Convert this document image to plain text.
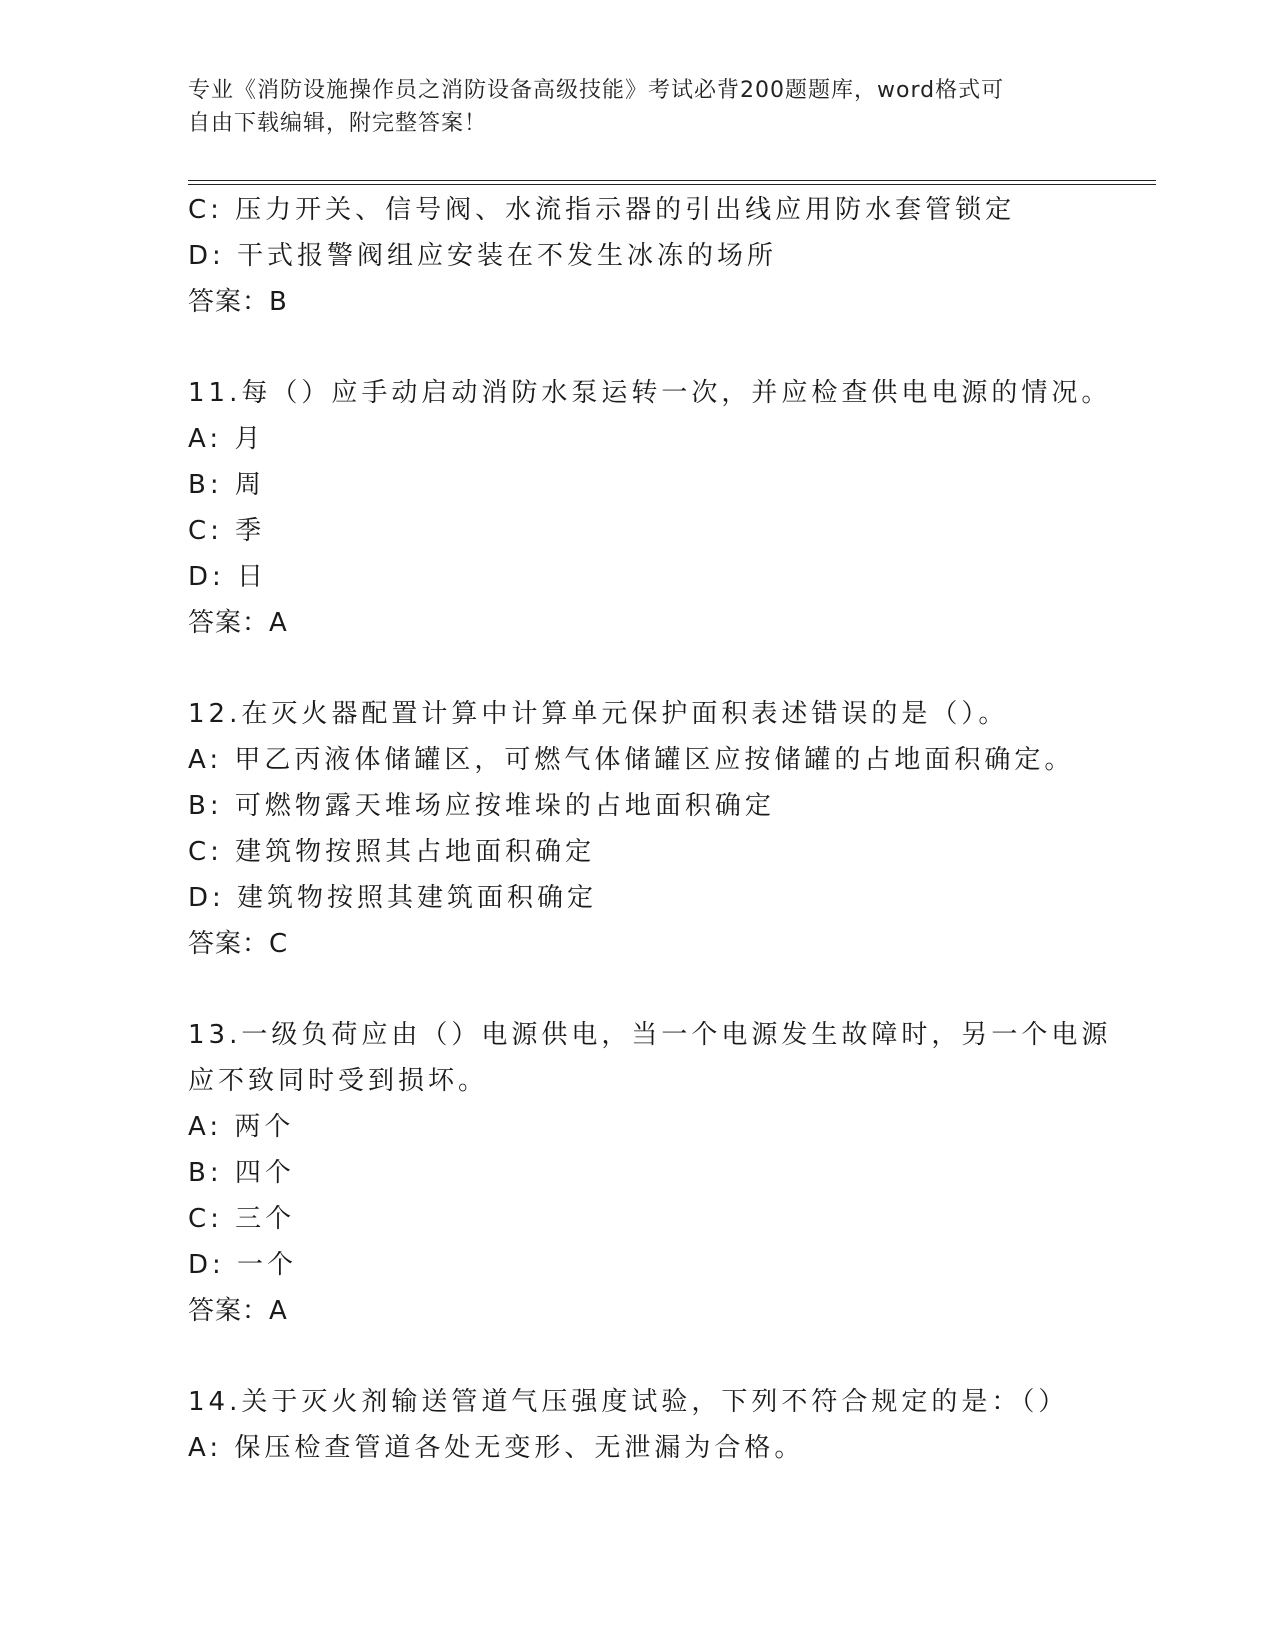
专业《消防设施操作员之消防设备高级技能》考试必背200题题库，word格式可
自由下载编辑，附完整答案！
C: 压力开关、信号阀、水流指示器的引出线应用防水套管锁定
D: 干式报警阀组应安装在不发生冰冻的场所
答案：B
11.每（）应手动启动消防水泵运转一次，并应检查供电电源的情况。
A: 月
B: 周
C: 季
D: 日
答案：A
12.在灭火器配置计算中计算单元保护面积表述错误的是（）。
A: 甲乙丙液体储罐区，可燃气体储罐区应按储罐的占地面积确定。
B: 可燃物露天堆场应按堆垛的占地面积确定
C: 建筑物按照其占地面积确定
D: 建筑物按照其建筑面积确定
答案：C
13.一级负荷应由（）电源供电，当一个电源发生故障时，另一个电源
应不致同时受到损坏。
A: 两个
B: 四个
C: 三个
D: 一个
答案：A
14.关于灭火剂输送管道气压强度试验，下列不符合规定的是：（）
A: 保压检查管道各处无变形、无泄漏为合格。
